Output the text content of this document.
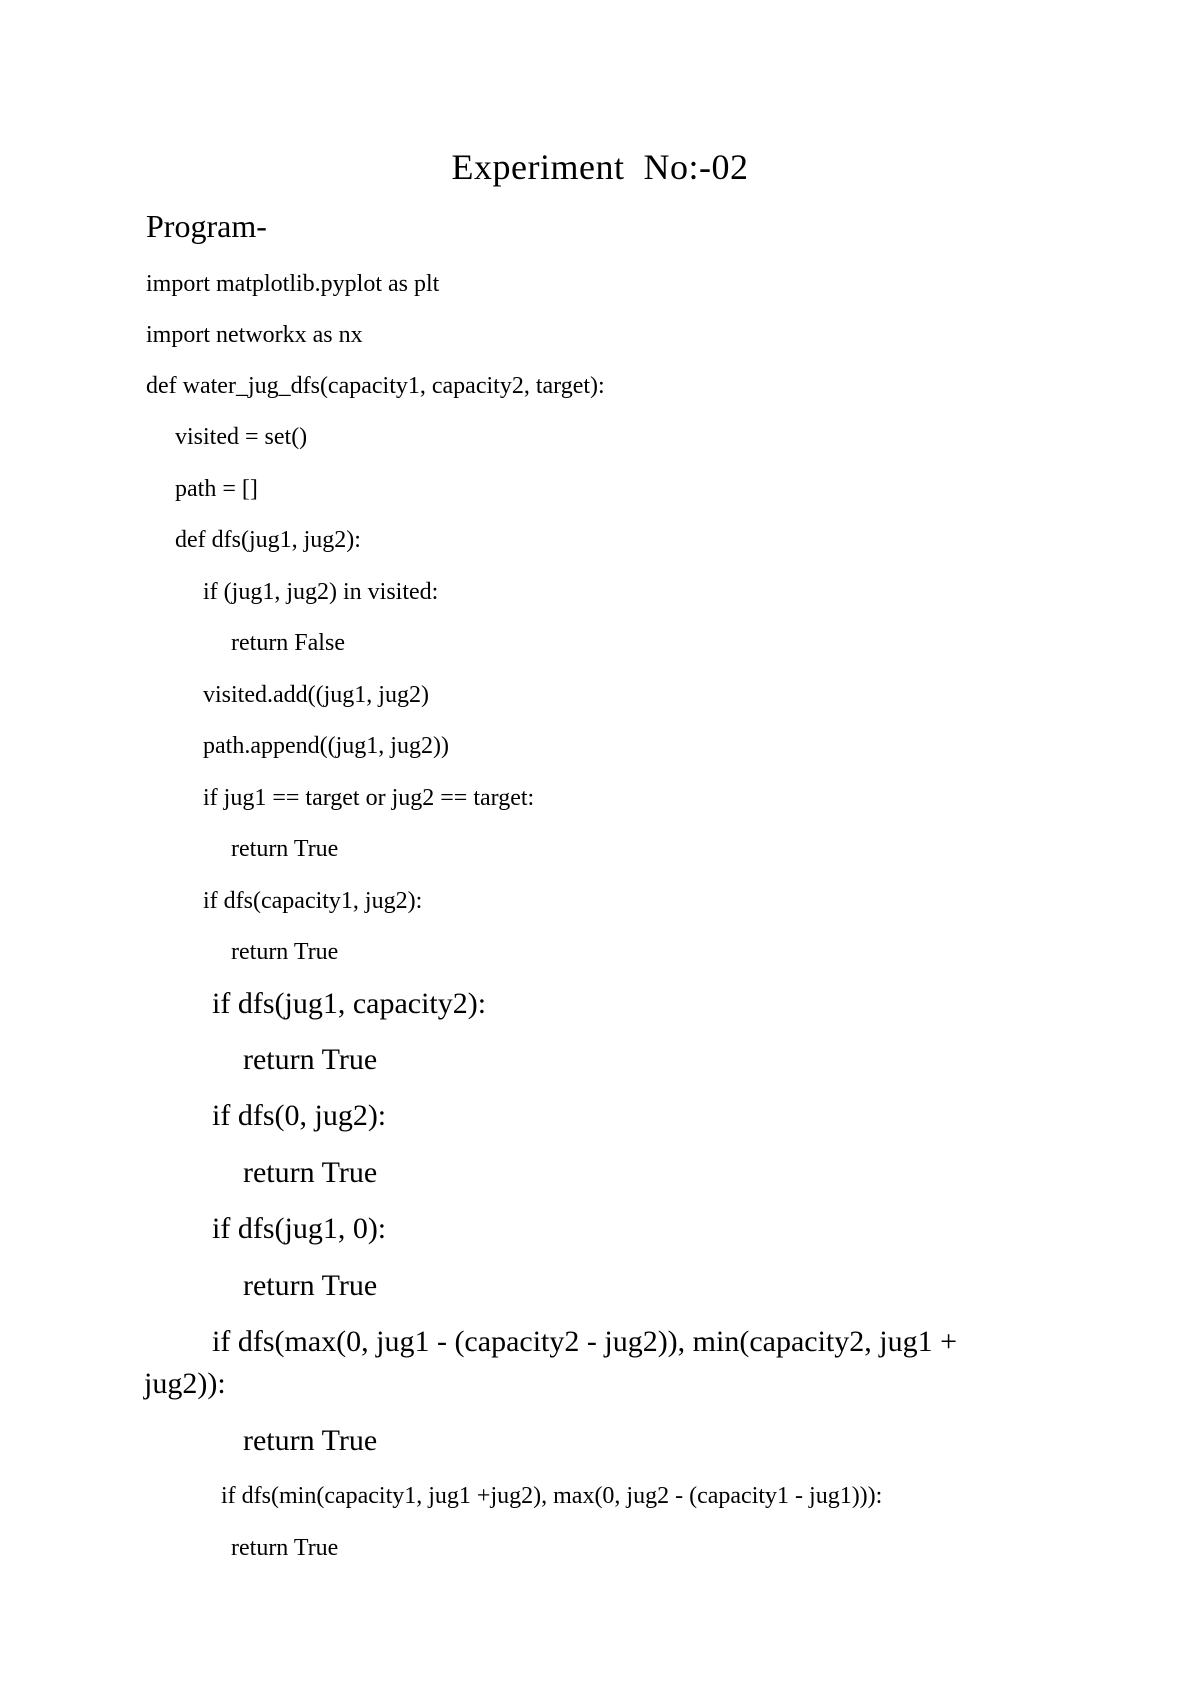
Experiment  No:-02
Program-
import matplotlib.pyplot as plt
import networkx as nx
def water_jug_dfs(capacity1, capacity2, target):
visited = set()
path = []
def dfs(jug1, jug2):
if (jug1, jug2) in visited:
return False
visited.add((jug1, jug2)
path.append((jug1, jug2))
if jug1 == target or jug2 == target:
return True
if dfs(capacity1, jug2):
return True
if dfs(jug1, capacity2):
return True
if dfs(0, jug2):
return True
if dfs(jug1, 0):
return True
if dfs(max(0, jug1 - (capacity2 - jug2)), min(capacity2, jug1 +
jug2)):
return True
if dfs(min(capacity1, jug1 +jug2), max(0, jug2 - (capacity1 - jug1))):
return True
